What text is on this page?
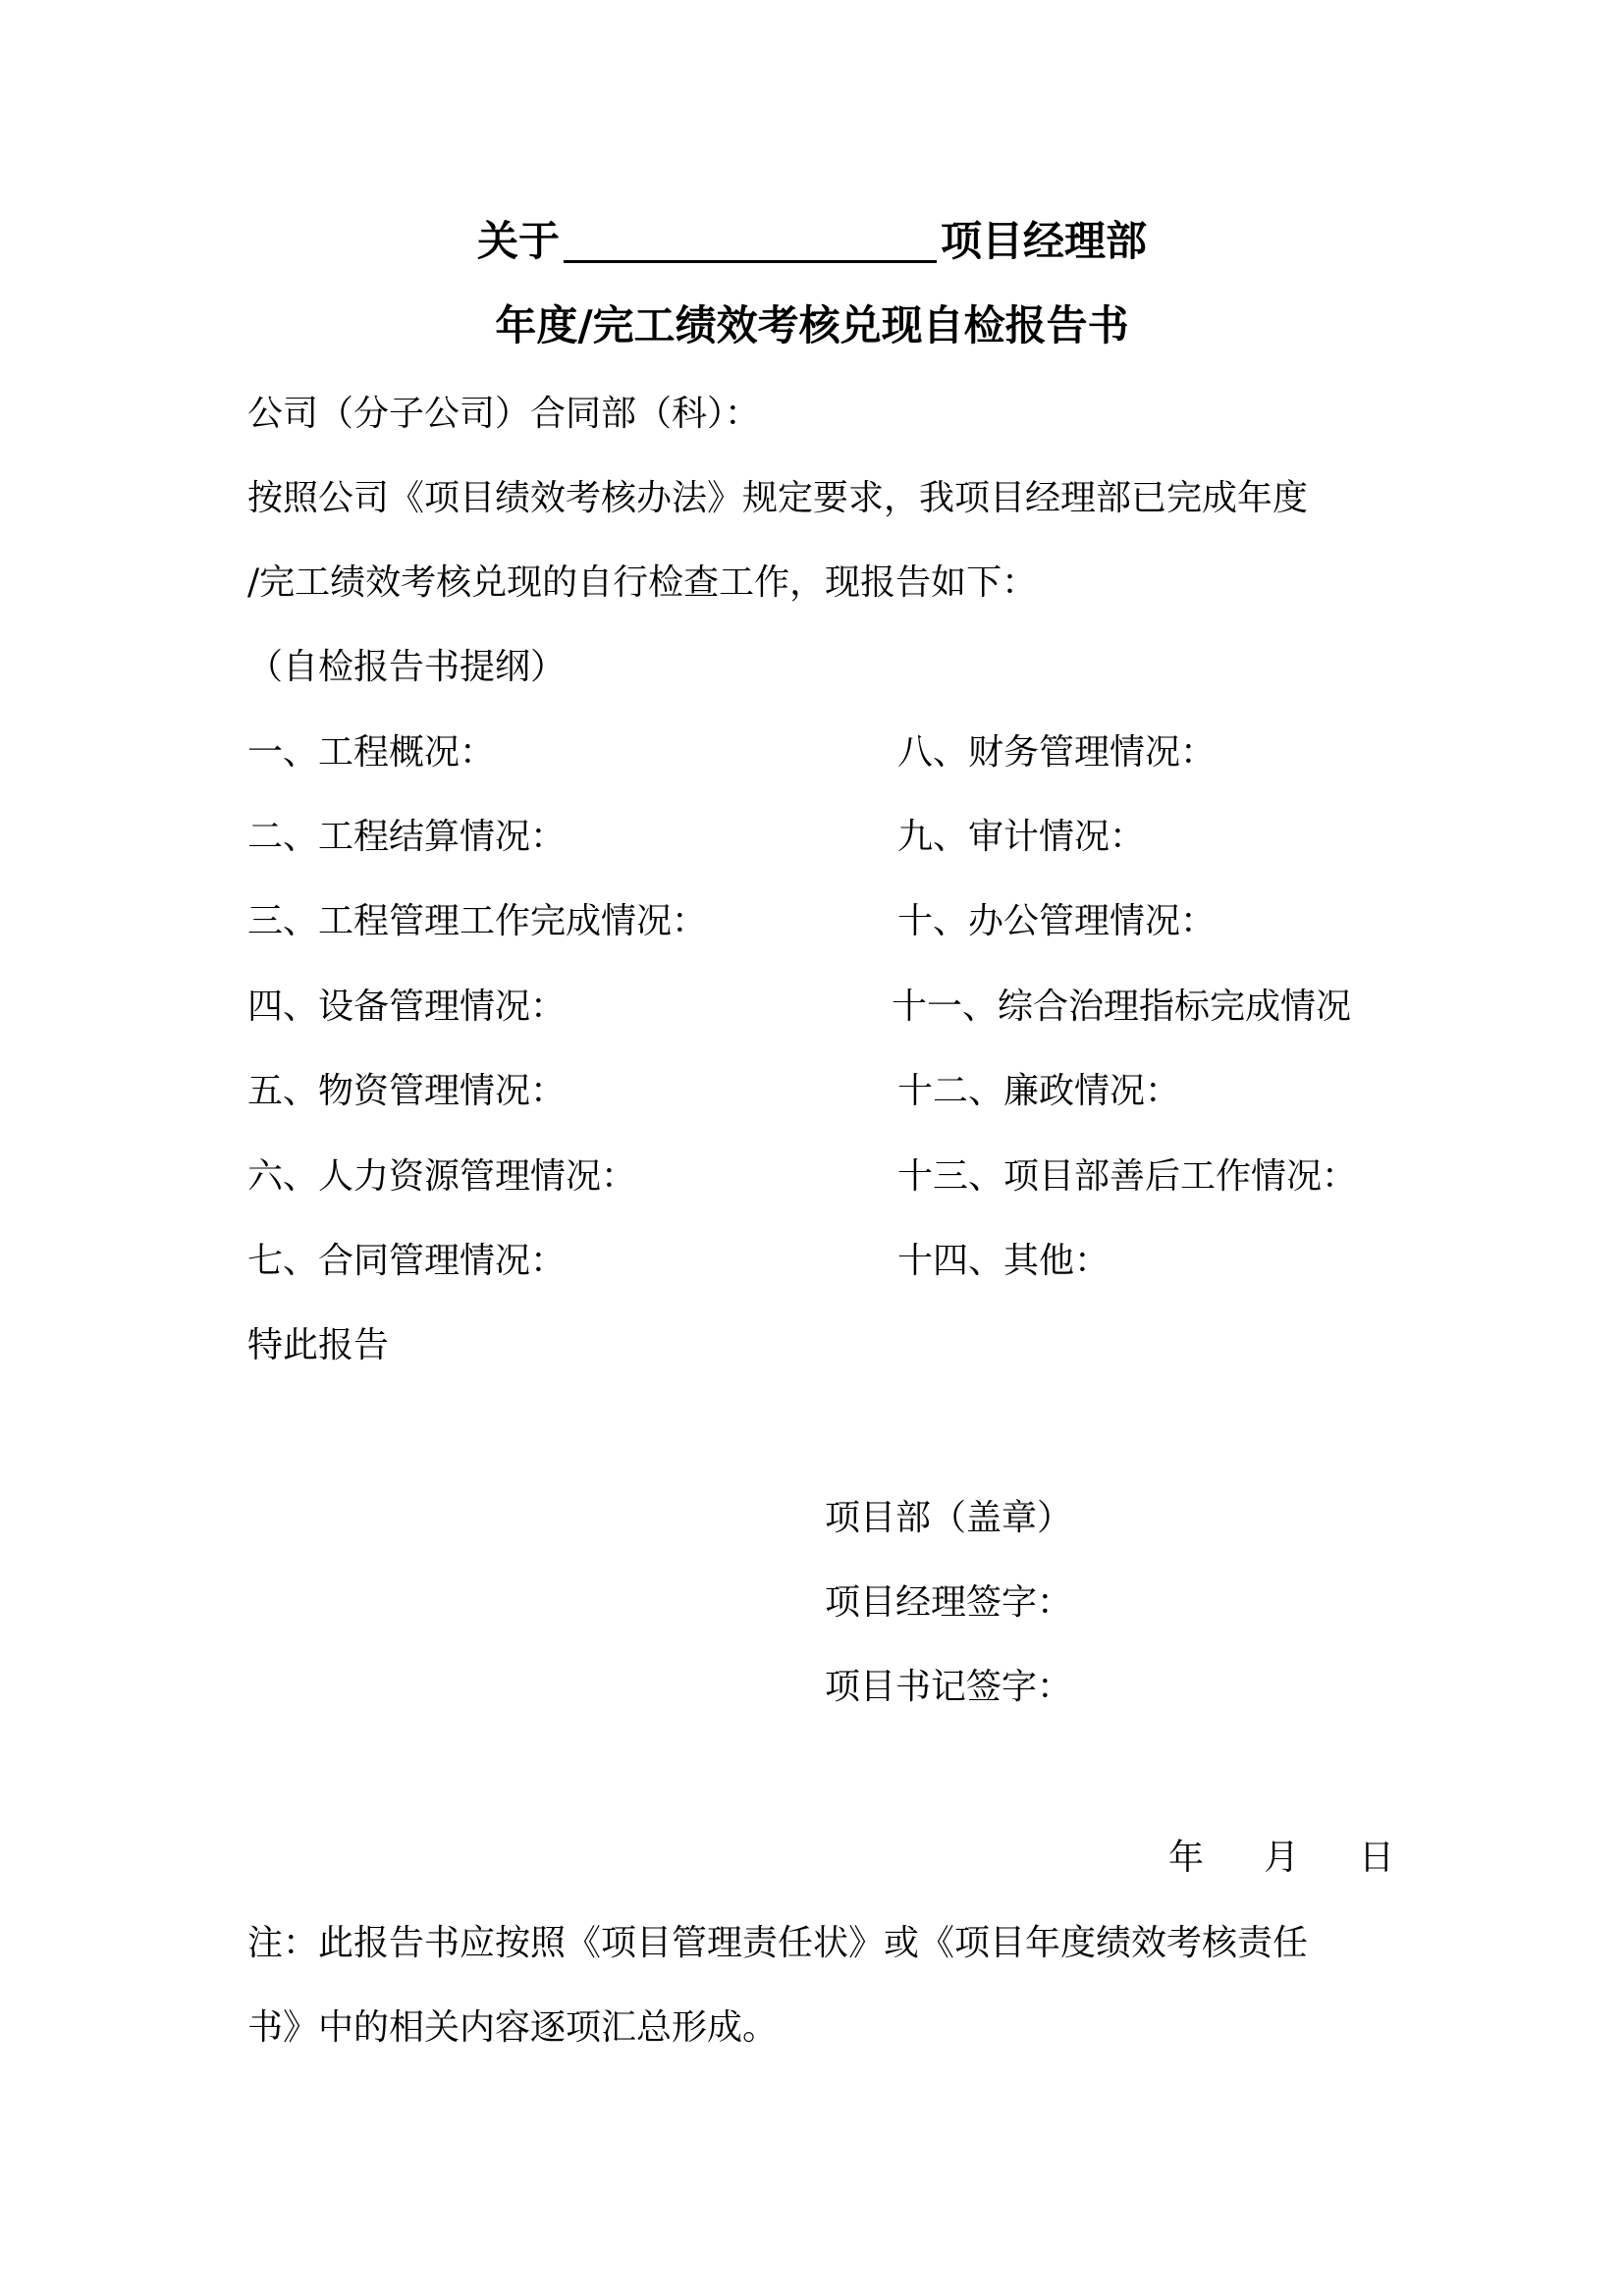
关于	项目经理部
年度/完工绩效考核兑现自检报告书
公司（分子公司）合同部（科）：
按照公司《项目绩效考核办法》规定要求，我项目经理部已完成年度
/完工绩效考核兑现的自行检查工作，现报告如下：
（自检报告书提纲）
一、工程概况：
二、工程结算情况：
三、工程管理工作完成情况：
四、设备管理情况：
五、物资管理情况：
六、人力资源管理情况：
七、合同管理情况：
八、财务管理情况：
九、审计情况：
十、办公管理情况：
十一、综合治理指标完成情况
十二、廉政情况：
十三、项目部善后工作情况：
十四、其他：
特此报告
项目部（盖章）
项目经理签字：
项目书记签字：
年 月 日
注：此报告书应按照《项目管理责任状》或《项目年度绩效考核责任
书》中的相关内容逐项汇总形成。
